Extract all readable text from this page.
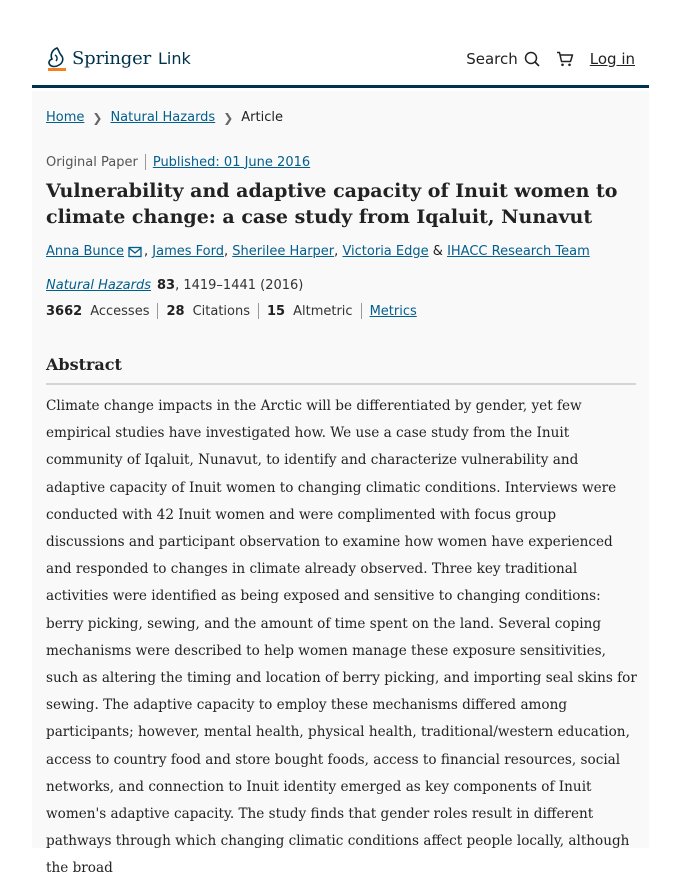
Springer Link	Search	Log in
Home ❯ Natural Hazards ❯ Article
Original Paper Published: 01 June 2016
Vulnerability and adaptive capacity of Inuit women to climate change: a case study from Iqaluit, Nunavut
Anna Bunce ,
James Ford ,
Sherilee Harper ,
Victoria Edge
&
IHACC Research Team
Natural Hazards 83 , 1419–1441 (2016)
3662 Accesses 28 Citations 15 Altmetric Metrics
Abstract

Climate change impacts in the Arctic will be differentiated by gender, yet few empirical studies have investigated how. We use a case study from the Inuit community of Iqaluit, Nunavut, to identify and characterize vulnerability and adaptive capacity of Inuit women to changing climatic conditions. Interviews were conducted with 42 Inuit women and were complimented with focus group discussions and participant observation to examine how women have experienced and responded to changes in climate already observed. Three key traditional activities were identified as being exposed and sensitive to changing conditions: berry picking, sewing, and the amount of time spent on the land. Several coping mechanisms were described to help women manage these exposure sensitivities, such as altering the timing and location of berry picking, and importing seal skins for sewing. The adaptive capacity to employ these mechanisms differed among participants; however, mental health, physical health, traditional/western education, access to country food and store bought foods, access to financial resources, social networks, and connection to Inuit identity emerged as key components of Inuit women's adaptive capacity. The study finds that gender roles result in different pathways through which changing climatic conditions affect people locally, although the broad
